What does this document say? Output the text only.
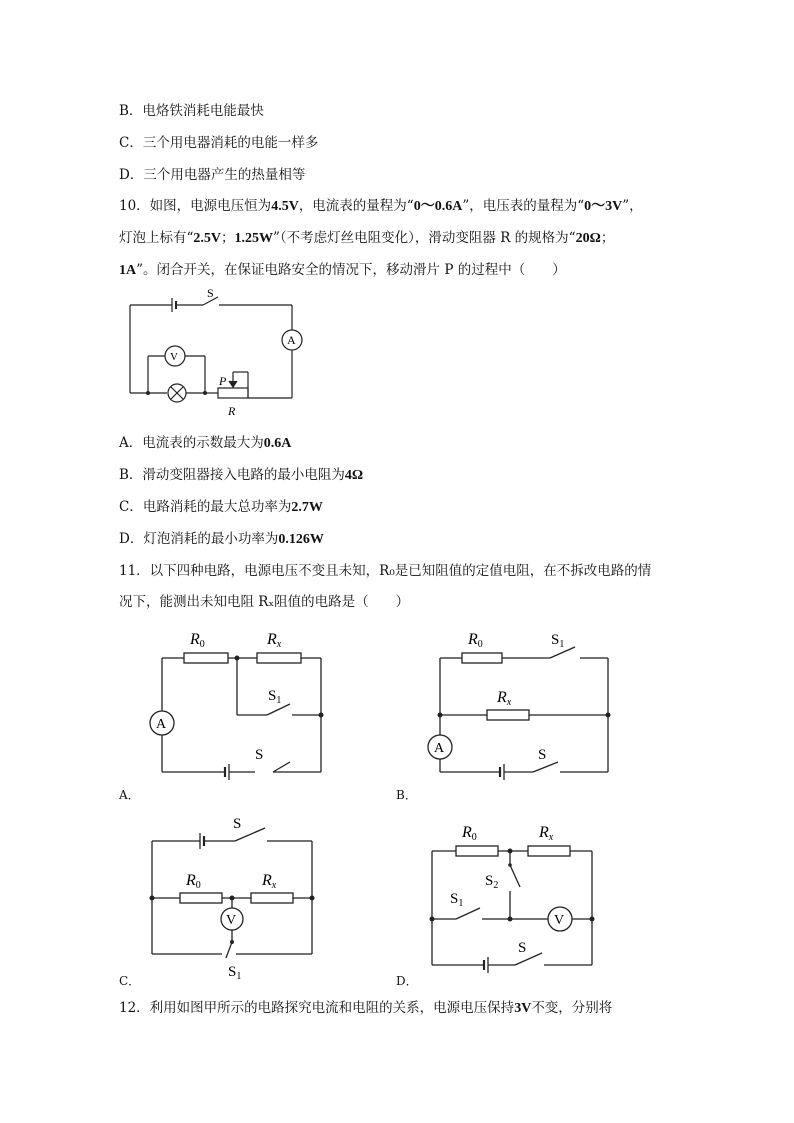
B．电烙铁消耗电能最快
C．三个用电器消耗的电能一样多
D．三个用电器产生的热量相等
10．如图，电源电压恒为4.5V，电流表的量程为“0～0.6A”，电压表的量程为“0～3V”，
灯泡上标有“2.5V；1.25W”（不考虑灯丝电阻变化），滑动变阻器 R 的规格为“20Ω；
1A”。闭合开关，在保证电路安全的情况下，移动滑片 P 的过程中（　　）
S
A
V
P
R
A．电流表的示数最大为0.6A
B．滑动变阻器接入电路的最小电阻为4Ω
C．电路消耗的最大总功率为2.7W
D．灯泡消耗的最小功率为0.126W
11．以下四种电路，电源电压不变且未知，R₀是已知阻值的定值电阻，在不拆改电路的情
况下，能测出未知电阻 Rₓ阻值的电路是（　　）
A
R0	Rx
$S_1$
S
A．
A
R0
Rx
$S_1$
S
B．
V
R0	Rx
S
$S_1$
C．
V
R0	Rx
$S_2$
$S_1$
S
D．
12．利用如图甲所示的电路探究电流和电阻的关系，电源电压保持3V不变，分别将
